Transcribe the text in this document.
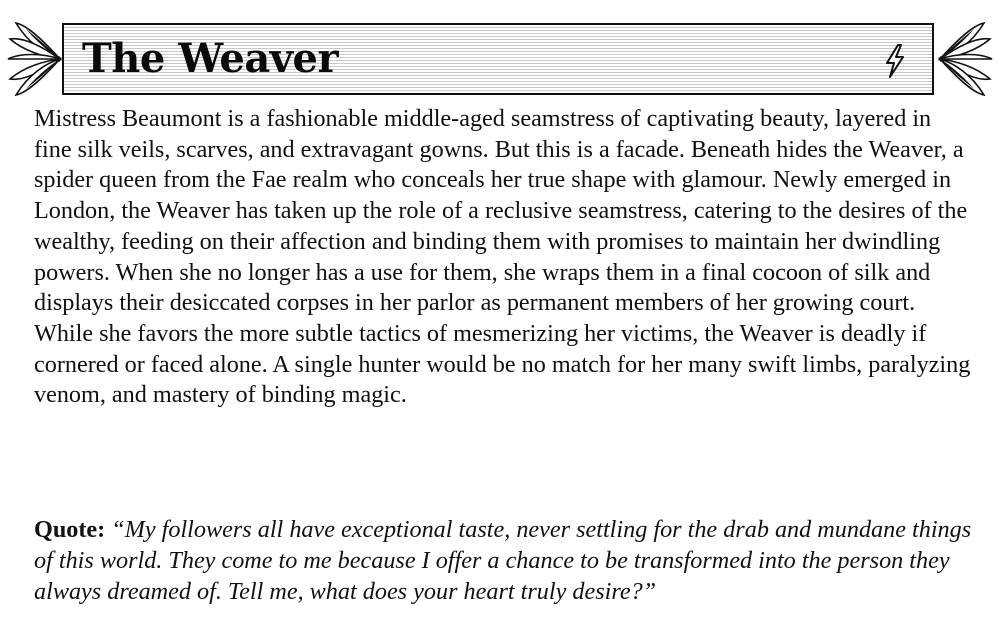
The Weaver

Mistress Beaumont is a fashionable middle-aged seamstress of captivating beauty, layered in fine silk veils, scarves, and extravagant gowns. But this is a facade. Beneath hides the Weaver, a spider queen from the Fae realm who conceals her true shape with glamour. Newly emerged in London, the Weaver has taken up the role of a reclusive seamstress, catering to the desires of the wealthy, feeding on their affection and binding them with promises to maintain her dwindling powers. When she no longer has a use for them, she wraps them in a final cocoon of silk and displays their desiccated corpses in her parlor as permanent members of her growing court. While she favors the more subtle tactics of mesmerizing her victims, the Weaver is deadly if cornered or faced alone. A single hunter would be no match for her many swift limbs, paralyzing venom, and mastery of binding magic.

Quote: “My followers all have exceptional taste, never settling for the drab and mundane things of this world. They come to me because I offer a chance to be transformed into the person they always dreamed of. Tell me, what does your heart truly desire?”
